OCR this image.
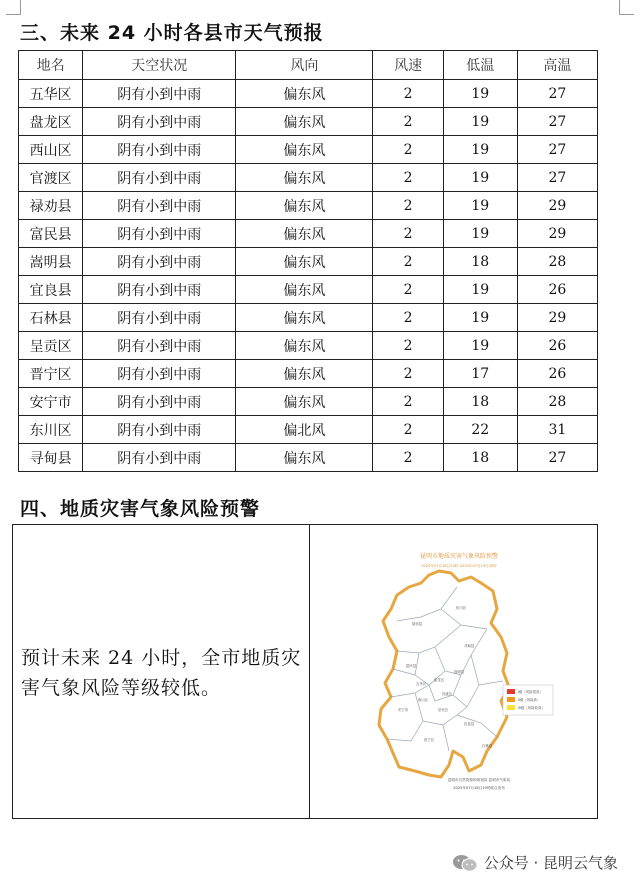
三、未来 24 小时各县市天气预报
地名	天空状况	风向	风速	低温	高温
五华区	阴有小到中雨	偏东风	2	19	27
盘龙区	阴有小到中雨	偏东风	2	19	27
西山区	阴有小到中雨	偏东风	2	19	27
官渡区	阴有小到中雨	偏东风	2	19	27
禄劝县	阴有小到中雨	偏东风	2	19	29
富民县	阴有小到中雨	偏东风	2	19	29
嵩明县	阴有小到中雨	偏东风	2	18	28
宜良县	阴有小到中雨	偏东风	2	19	26
石林县	阴有小到中雨	偏东风	2	19	29
呈贡区	阴有小到中雨	偏东风	2	19	26
晋宁区	阴有小到中雨	偏东风	2	17	26
安宁市	阴有小到中雨	偏东风	2	18	28
东川区	阴有小到中雨	偏北风	2	22	31
寻甸县	阴有小到中雨	偏东风	2	18	27
四、地质灾害气象风险预警
预计未来 24 小时，全市地质灾害气象风险等级较低。
昆明市地质灾害气象风险预警
2025年07月18日20时-2025年07月19日20时
东川区
禄劝县
寻甸县
嵩明县
富民县
五华区
盘龙区
官渡区
西山区
呈贡区
安宁市
晋宁区
宜良县
石林县
I级（风险很高）
II级（风险高）
III级（风险较高）
昆明市自然资源和规划局 昆明市气象局
2025年07月18日19时联合发布
公众号 · 昆明云气象
